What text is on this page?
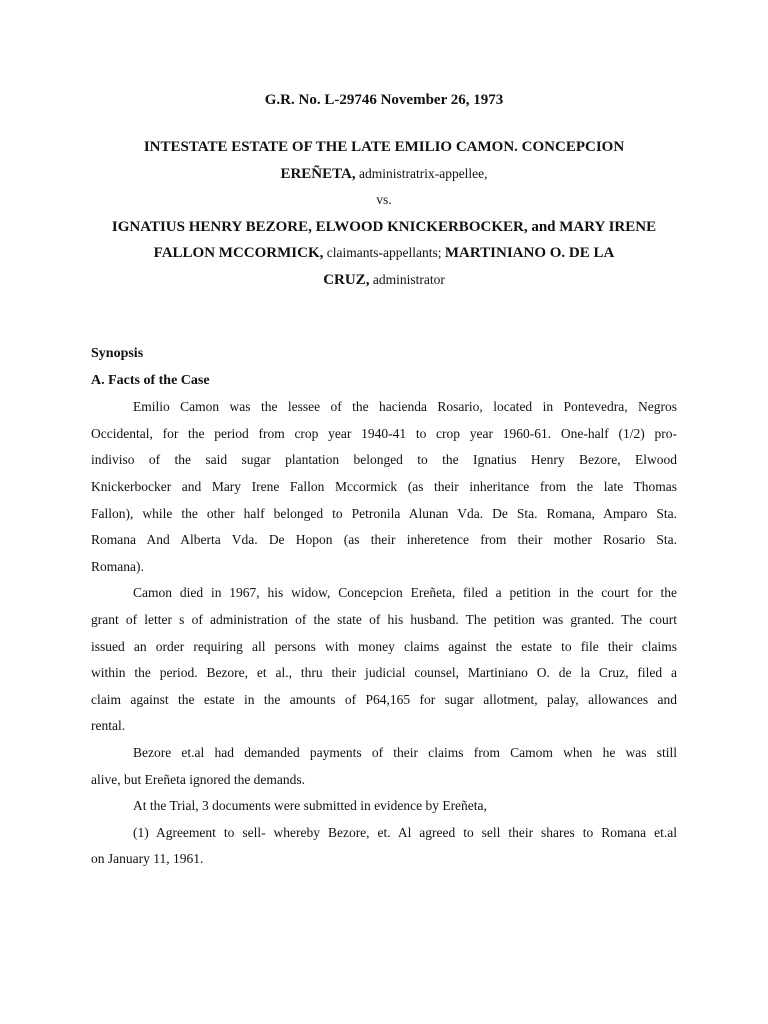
G.R. No. L-29746 November 26, 1973
INTESTATE ESTATE OF THE LATE EMILIO CAMON. CONCEPCION
EREÑETA, administratrix-appellee,
vs.
IGNATIUS HENRY BEZORE, ELWOOD KNICKERBOCKER, and MARY IRENE
FALLON MCCORMICK, claimants-appellants; MARTINIANO O. DE LA
CRUZ, administrator
Synopsis
A. Facts of the Case
Emilio Camon was the lessee of the hacienda Rosario, located in Pontevedra, Negros
Occidental, for the period from crop year 1940-41 to crop year 1960-61. One-half (1/2) pro-
indiviso of the said sugar plantation belonged to the Ignatius Henry Bezore, Elwood
Knickerbocker and Mary Irene Fallon Mccormick (as their inheritance from the late Thomas
Fallon), while the other half belonged to Petronila Alunan Vda. De Sta. Romana, Amparo Sta.
Romana And Alberta Vda. De Hopon (as their inheretence from their mother Rosario Sta.
Romana).
Camon died in 1967, his widow, Concepcion Ereñeta, filed a petition in the court for the
grant of letter s of administration of the state of his husband. The petition was granted. The court
issued an order requiring all persons with money claims against the estate to file their claims
within the period. Bezore, et al., thru their judicial counsel, Martiniano O. de la Cruz, filed a
claim against the estate in the amounts of P64,165 for sugar allotment, palay, allowances and
rental.
Bezore et.al had demanded payments of their claims from Camom when he was still
alive, but Ereñeta ignored the demands.
At the Trial, 3 documents were submitted in evidence by Ereñeta,
(1) Agreement to sell- whereby Bezore, et. Al agreed to sell their shares to Romana et.al
on January 11, 1961.
